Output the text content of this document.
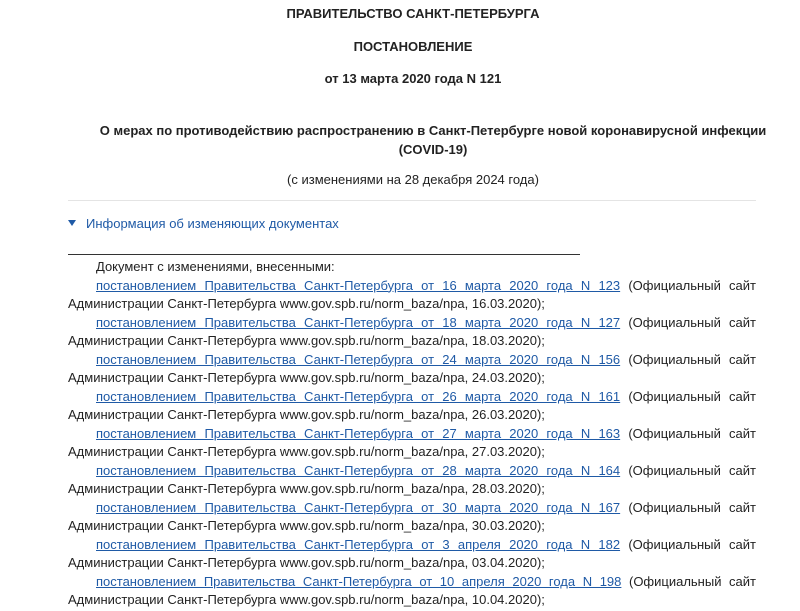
ПРАВИТЕЛЬСТВО САНКТ-ПЕТЕРБУРГА
ПОСТАНОВЛЕНИЕ
от 13 марта 2020 года N 121
О мерах по противодействию распространению в Санкт-Петербурге новой коронавирусной инфекции (COVID-19)
(с изменениями на 28 декабря 2024 года)
Информация об изменяющих документах
Документ с изменениями, внесенными:
постановлением Правительства Санкт-Петербурга от 16 марта 2020 года N 123 (Официальный сайт Администрации Санкт-Петербурга www.gov.spb.ru/norm_baza/npa, 16.03.2020);
постановлением Правительства Санкт-Петербурга от 18 марта 2020 года N 127 (Официальный сайт Администрации Санкт-Петербурга www.gov.spb.ru/norm_baza/npa, 18.03.2020);
постановлением Правительства Санкт-Петербурга от 24 марта 2020 года N 156 (Официальный сайт Администрации Санкт-Петербурга www.gov.spb.ru/norm_baza/npa, 24.03.2020);
постановлением Правительства Санкт-Петербурга от 26 марта 2020 года N 161 (Официальный сайт Администрации Санкт-Петербурга www.gov.spb.ru/norm_baza/npa, 26.03.2020);
постановлением Правительства Санкт-Петербурга от 27 марта 2020 года N 163 (Официальный сайт Администрации Санкт-Петербурга www.gov.spb.ru/norm_baza/npa, 27.03.2020);
постановлением Правительства Санкт-Петербурга от 28 марта 2020 года N 164 (Официальный сайт Администрации Санкт-Петербурга www.gov.spb.ru/norm_baza/npa, 28.03.2020);
постановлением Правительства Санкт-Петербурга от 30 марта 2020 года N 167 (Официальный сайт Администрации Санкт-Петербурга www.gov.spb.ru/norm_baza/npa, 30.03.2020);
постановлением Правительства Санкт-Петербурга от 3 апреля 2020 года N 182 (Официальный сайт Администрации Санкт-Петербурга www.gov.spb.ru/norm_baza/npa, 03.04.2020);
постановлением Правительства Санкт-Петербурга от 10 апреля 2020 года N 198 (Официальный сайт Администрации Санкт-Петербурга www.gov.spb.ru/norm_baza/npa, 10.04.2020);
